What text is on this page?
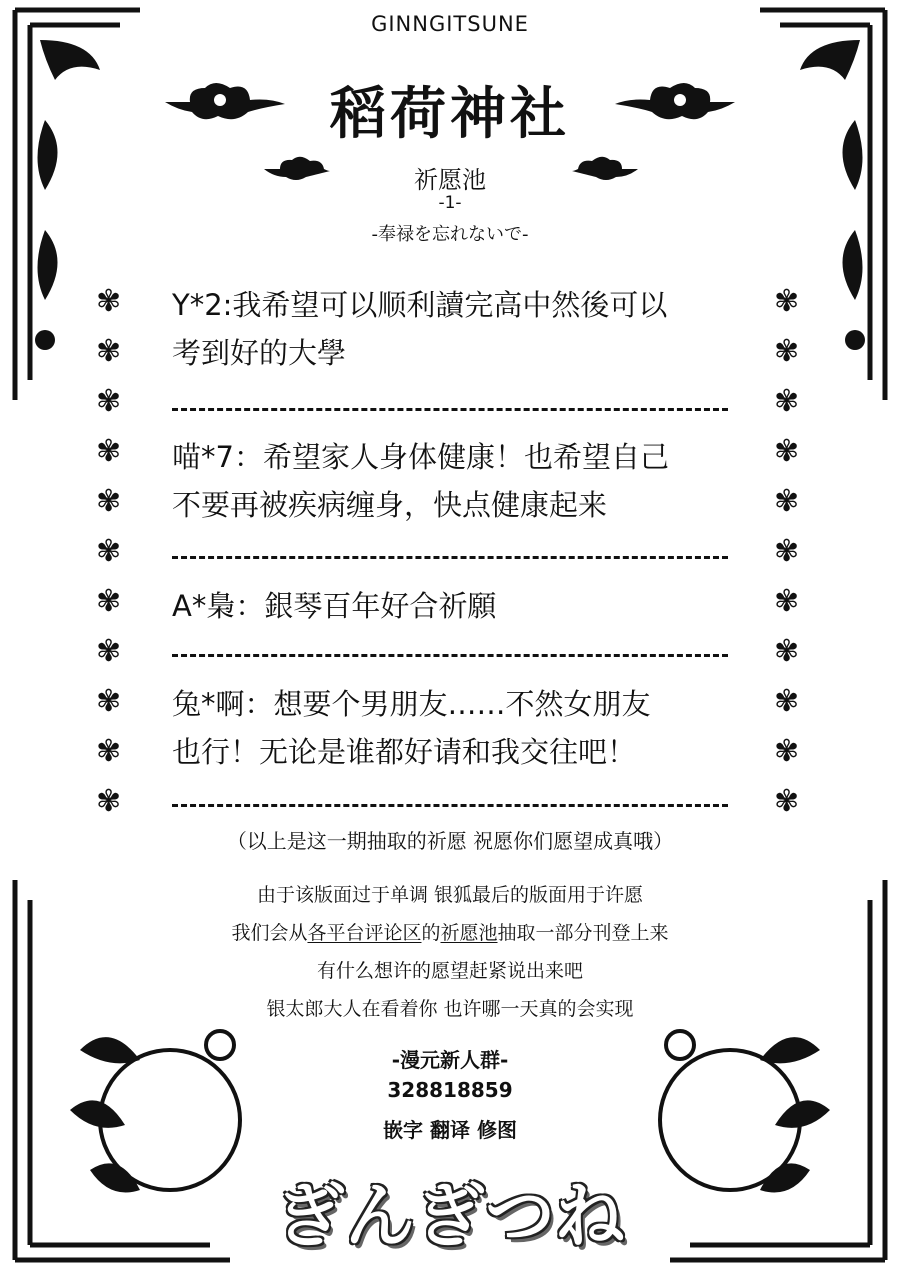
GINNGITSUNE
稻荷神社
祈愿池
-1-
-奉禄を忘れないで-
✾
✾
✾
✾
✾
✾
✾
✾
✾
✾
✾
✾
✾
✾
✾
✾
✾
✾
✾
✾
✾
✾
Y*2:我希望可以顺利讀完高中然後可以
考到好的大學
喵*7：希望家人身体健康！也希望自己
不要再被疾病缠身，快点健康起来
A*梟：銀琴百年好合祈願
兔*啊：想要个男朋友……不然女朋友
也行！无论是谁都好请和我交往吧！
（以上是这一期抽取的祈愿 祝愿你们愿望成真哦）
由于该版面过于单调 银狐最后的版面用于许愿
我们会从各平台评论区的祈愿池抽取一部分刊登上来
有什么想许的愿望赶紧说出来吧
银太郎大人在看着你 也许哪一天真的会实现
-漫元新人群-
328818859
嵌字 翻译 修图
ぎんぎつね
